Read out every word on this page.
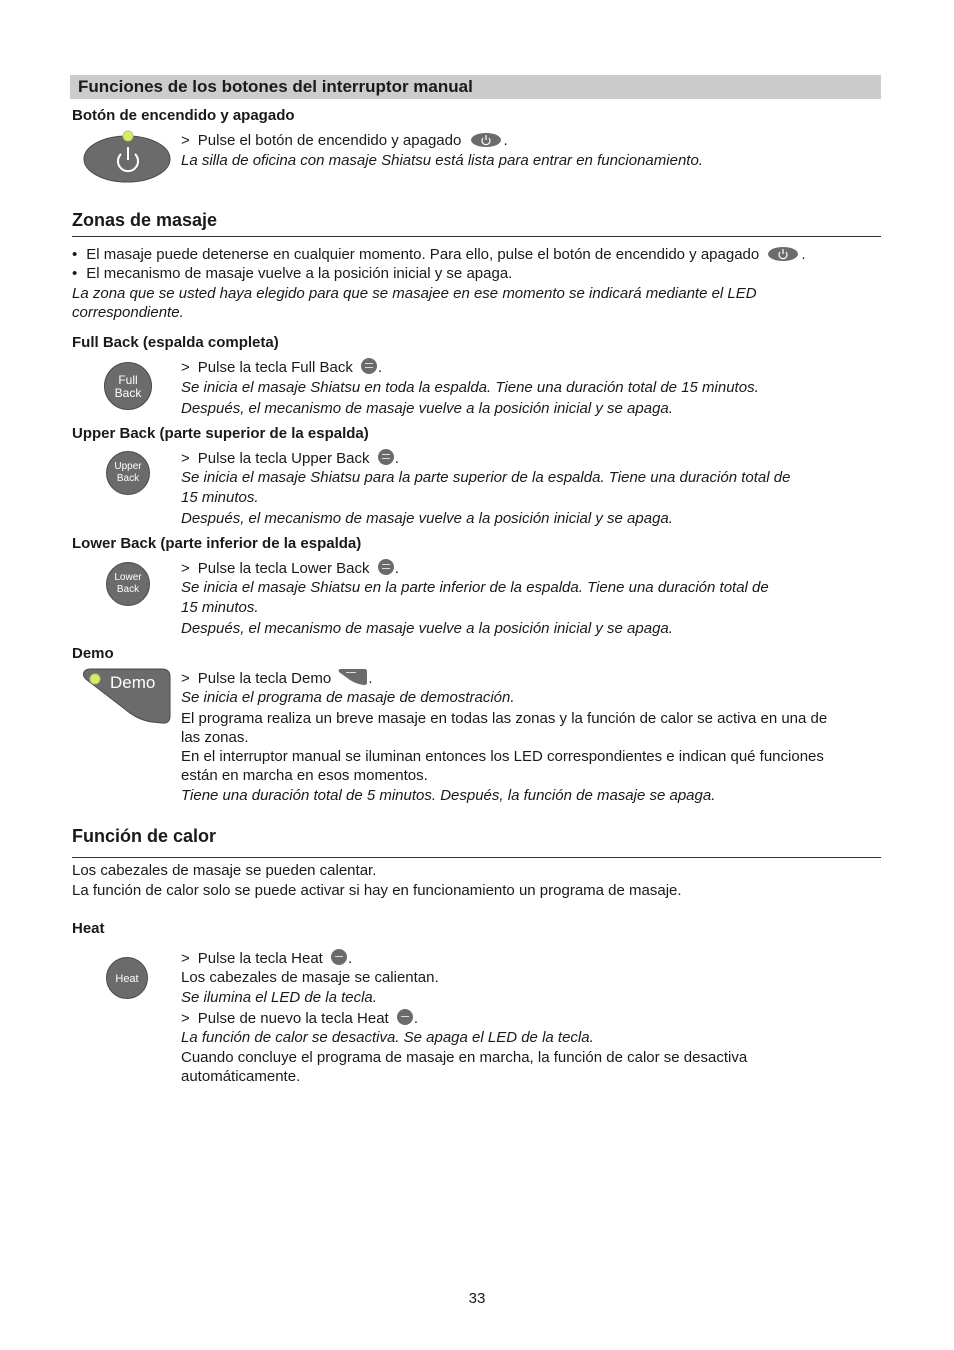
Funciones de los botones del interruptor manual
Botón de encendido y apagado
> Pulse el botón de encendido y apagado	.
La silla de oficina con masaje Shiatsu está lista para entrar en funcionamiento.
Zonas de masaje
• El masaje puede detenerse en cualquier momento. Para ello, pulse el botón de encendido y apagado	.
• El mecanismo de masaje vuelve a la posición inicial y se apaga.
La zona que se usted haya elegido para que se masajee en ese momento se indicará mediante el LED
correspondiente.
Full Back (espalda completa)
Full
Back
> Pulse la tecla Full Back .
Se inicia el masaje Shiatsu en toda la espalda. Tiene una duración total de 15 minutos.
Después, el mecanismo de masaje vuelve a la posición inicial y se apaga.
Upper Back (parte superior de la espalda)
Upper
Back
> Pulse la tecla Upper Back .
Se inicia el masaje Shiatsu para la parte superior de la espalda. Tiene una duración total de
15 minutos.
Después, el mecanismo de masaje vuelve a la posición inicial y se apaga.
Lower Back (parte inferior de la espalda)
Lower
Back
> Pulse la tecla Lower Back .
Se inicia el masaje Shiatsu en la parte inferior de la espalda. Tiene una duración total de
15 minutos.
Después, el mecanismo de masaje vuelve a la posición inicial y se apaga.
Demo
Demo > Pulse la tecla Demo .
Se inicia el programa de masaje de demostración.
El programa realiza un breve masaje en todas las zonas y la función de calor se activa en una de
las zonas.
En el interruptor manual se iluminan entonces los LED correspondientes e indican qué funciones
están en marcha en esos momentos.
Tiene una duración total de 5 minutos. Después, la función de masaje se apaga.
Función de calor
Los cabezales de masaje se pueden calentar.
La función de calor solo se puede activar si hay en funcionamiento un programa de masaje.
Heat
Heat
> Pulse la tecla Heat .
Los cabezales de masaje se calientan.
Se ilumina el LED de la tecla.
> Pulse de nuevo la tecla Heat .
La función de calor se desactiva. Se apaga el LED de la tecla.
Cuando concluye el programa de masaje en marcha, la función de calor se desactiva
automáticamente.
33
